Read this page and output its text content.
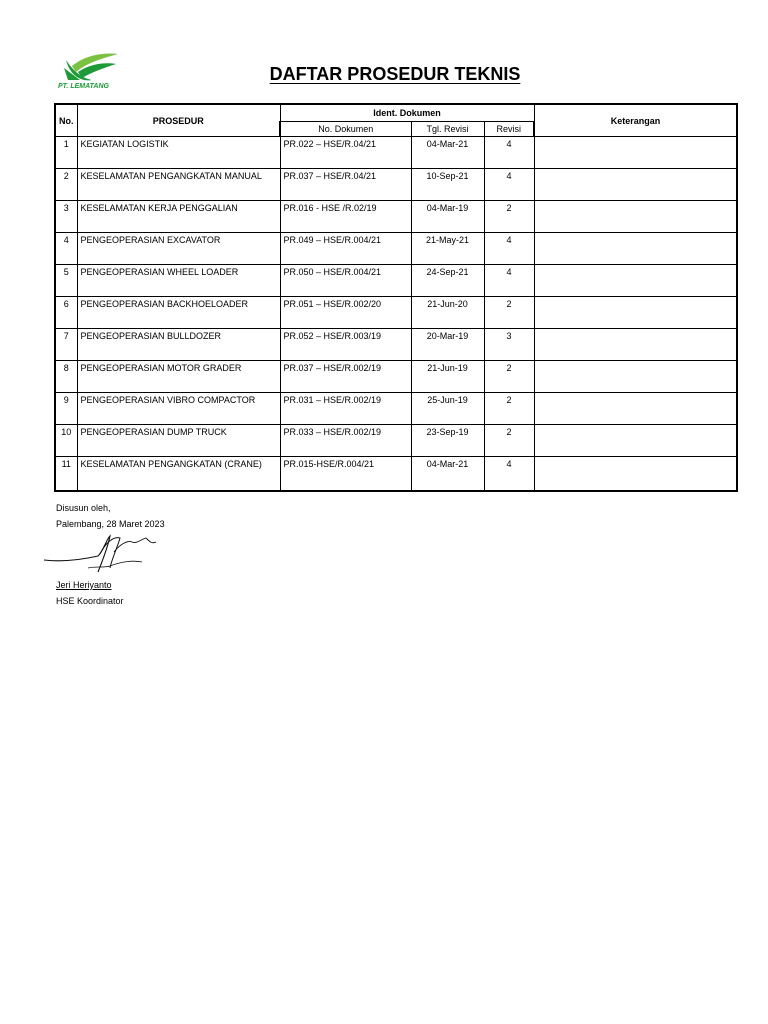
PT. LEMATANG
DAFTAR PROSEDUR TEKNIS
No.	PROSEDUR	Ident. Dokumen			Keterangan
		No. Dokumen	Tgl. Revisi	Revisi	
1	KEGIATAN LOGISTIK	PR.022 – HSE/R.04/21	04-Mar-21	4	
2	KESELAMATAN PENGANGKATAN MANUAL	PR.037 – HSE/R.04/21	10-Sep-21	4	
3	KESELAMATAN KERJA PENGGALIAN	PR.016 - HSE /R.02/19	04-Mar-19	2	
4	PENGEOPERASIAN EXCAVATOR	PR.049 – HSE/R.004/21	21-May-21	4	
5	PENGEOPERASIAN WHEEL LOADER	PR.050 – HSE/R.004/21	24-Sep-21	4	
6	PENGEOPERASIAN BACKHOELOADER	PR.051 – HSE/R.002/20	21-Jun-20	2	
7	PENGEOPERASIAN BULLDOZER	PR.052 – HSE/R.003/19	20-Mar-19	3	
8	PENGEOPERASIAN MOTOR GRADER	PR.037 – HSE/R.002/19	21-Jun-19	2	
9	PENGEOPERASIAN VIBRO COMPACTOR	PR.031 – HSE/R.002/19	25-Jun-19	2	
10	PENGEOPERASIAN DUMP TRUCK	PR.033 – HSE/R.002/19	23-Sep-19	2	
11	KESELAMATAN PENGANGKATAN (CRANE)	PR.015-HSE/R.004/21	04-Mar-21	4	
Disusun oleh,
Palembang, 28 Maret 2023
Jeri Heriyanto
HSE Koordinator
